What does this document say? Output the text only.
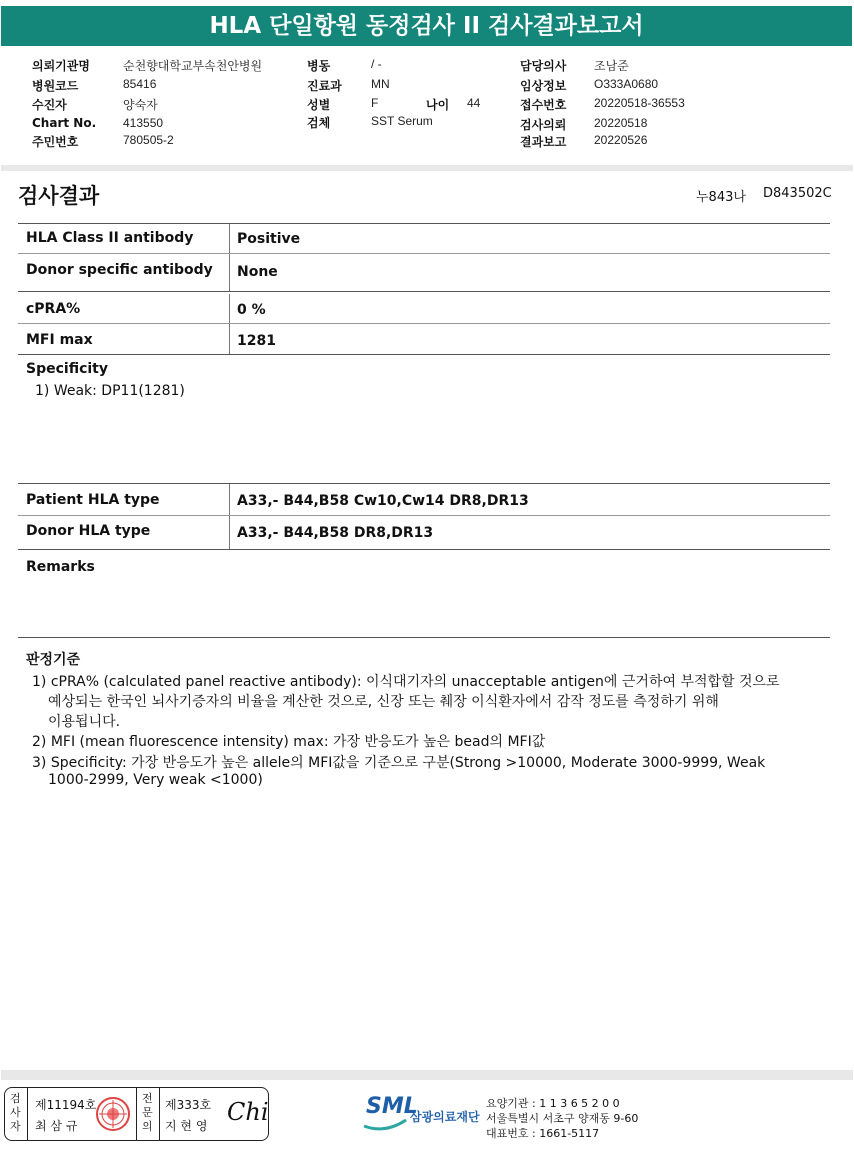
HLA 단일항원 동정검사 II 검사결과보고서
의뢰기관명	순천향대학교부속천안병원
병원코드	85416
수진자	양숙자
Chart No. 413550
주민번호	780505-2
병동	/ -
진료과 MN
성별	F	나이 44
검체	SST Serum
담당의사 조남준
임상정보 O333A0680
접수번호 20220518-36553
검사의뢰 20220518
결과보고 20220526
검사결과	누843나 D843502C
HLA Class II antibody	Positive
Donor specific antibody None
cPRA%	0 %
MFI max	1281
Specificity
1) Weak: DP11(1281)
Patient HLA type	A33,- B44,B58 Cw10,Cw14 DR8,DR13
Donor HLA type	A33,- B44,B58 DR8,DR13
Remarks
판정기준
1) cPRA% (calculated panel reactive antibody): 이식대기자의 unacceptable antigen에 근거하여 부적합할 것으로
예상되는 한국인 뇌사기증자의 비율을 계산한 것으로, 신장 또는 췌장 이식환자에서 감작 정도를 측정하기 위해
이용됩니다.
2) MFI (mean fluorescence intensity) max: 가장 반응도가 높은 bead의 MFI값
3) Specificity: 가장 반응도가 높은 allele의 MFI값을 기준으로 구분(Strong >10000, Moderate 3000-9999, Weak
1000-2999, Very weak <1000)
검사자
제11194호
최 삼 규
전문의
제333호
지 현 영 Chi	SML
삼광의료재단
요양기관 : 1 1 3 6 5 2 0 0
서울특별시 서초구 양재동 9-60
대표번호 : 1661-5117
